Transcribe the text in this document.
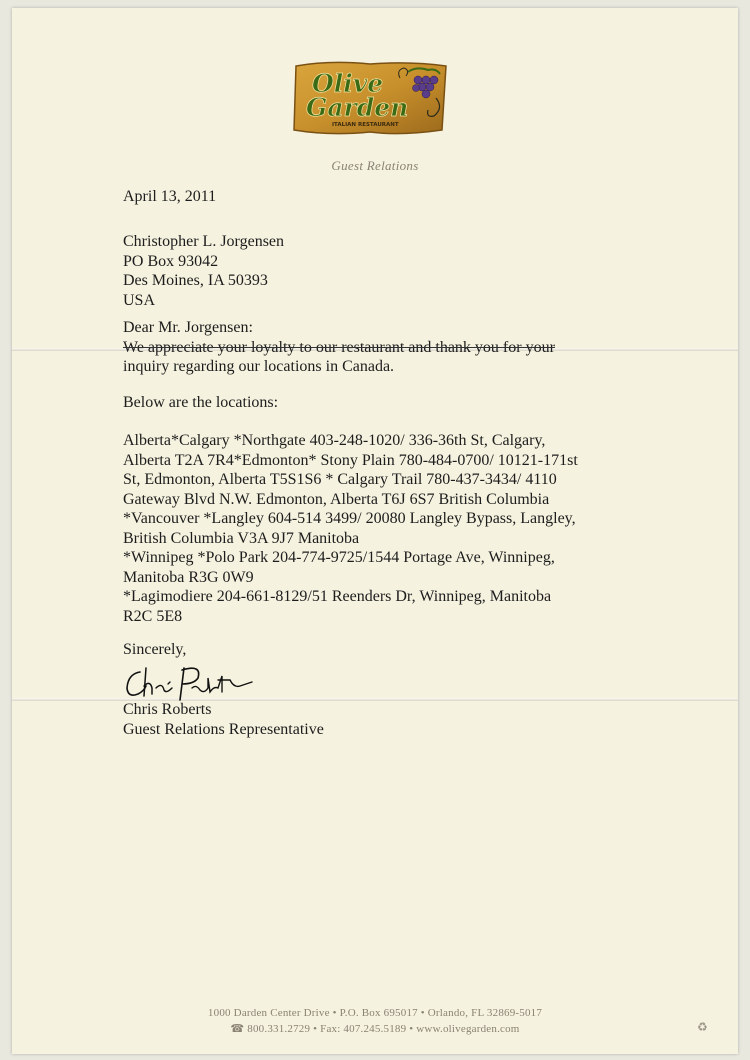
Olive
Garden
ITALIAN RESTAURANT
Guest Relations
April 13, 2011
Christopher L. Jorgensen
PO Box 93042
Des Moines, IA 50393
USA
Dear Mr. Jorgensen:
We appreciate your loyalty to our restaurant and thank you for your
inquiry regarding our locations in Canada.
Below are the locations:
Alberta*Calgary *Northgate 403-248-1020/ 336-36th St, Calgary,
Alberta T2A 7R4*Edmonton* Stony Plain 780-484-0700/ 10121-171st
St, Edmonton, Alberta T5S1S6 * Calgary Trail 780-437-3434/ 4110
Gateway Blvd N.W. Edmonton, Alberta T6J 6S7 British Columbia
*Vancouver *Langley 604-514 3499/ 20080 Langley Bypass, Langley,
British Columbia V3A 9J7 Manitoba
*Winnipeg *Polo Park 204-774-9725/1544 Portage Ave, Winnipeg,
Manitoba R3G 0W9
*Lagimodiere 204-661-8129/51 Reenders Dr, Winnipeg, Manitoba
R2C 5E8
Sincerely,
Chris Roberts
Guest Relations Representative
1000 Darden Center Drive • P.O. Box 695017 • Orlando, FL 32869-5017
☎ 800.331.2729 • Fax: 407.245.5189 • www.olivegarden.com	♻
